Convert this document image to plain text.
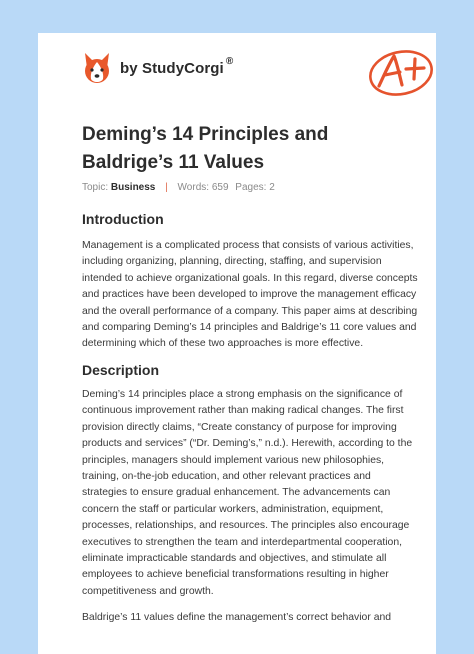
by StudyCorgi ®
Deming’s 14 Principles and
Baldrige’s 11 Values
Topic: Business | Words: 659 Pages: 2
Introduction

Management is a complicated process that consists of various activities,
including organizing, planning, directing, staffing, and supervision
intended to achieve organizational goals. In this regard, diverse concepts
and practices have been developed to improve the management efficacy
and the overall performance of a company. This paper aims at describing
and comparing Deming’s 14 principles and Baldrige’s 11 core values and
determining which of these two approaches is more effective.

Description

Deming’s 14 principles place a strong emphasis on the significance of
continuous improvement rather than making radical changes. The first
provision directly claims, “Create constancy of purpose for improving
products and services” (“Dr. Deming’s,” n.d.). Herewith, according to the
principles, managers should implement various new philosophies,
training, on-the-job education, and other relevant practices and
strategies to ensure gradual enhancement. The advancements can
concern the staff or particular workers, administration, equipment,
processes, relationships, and resources. The principles also encourage
executives to strengthen the team and interdepartmental cooperation,
eliminate impracticable standards and objectives, and stimulate all
employees to achieve beneficial transformations resulting in higher
competitiveness and growth.

Baldrige’s 11 values define the management’s correct behavior and
